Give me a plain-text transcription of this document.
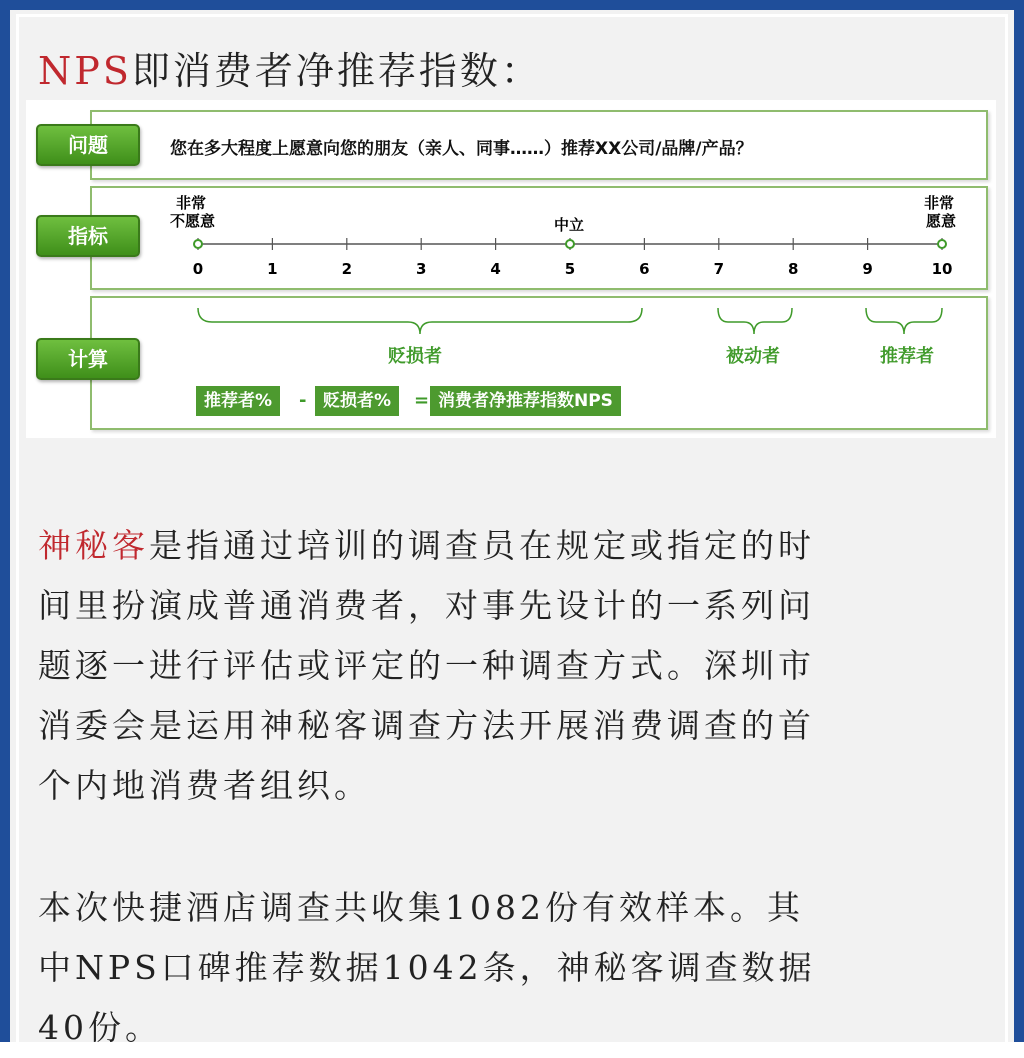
NPS即消费者净推荐指数：
您在多大程度上愿意向您的朋友（亲人、同事……）推荐XX公司/品牌/产品？
问题
非常
不愿意	中立
非常
愿意
0	1	2	3	4	5	6	7	8	9	10
指标
贬损者	被动者	推荐者
推荐者%	- 贬损者%	= 消费者净推荐指数NPS
计算
神秘客是指通过培训的调查员在规定或指定的时
间里扮演成普通消费者，对事先设计的一系列问
题逐一进行评估或评定的一种调查方式。深圳市
消委会是运用神秘客调查方法开展消费调查的首
个内地消费者组织。
本次快捷酒店调查共收集1082份有效样本。其
中NPS口碑推荐数据1042条，神秘客调查数据
40份。
